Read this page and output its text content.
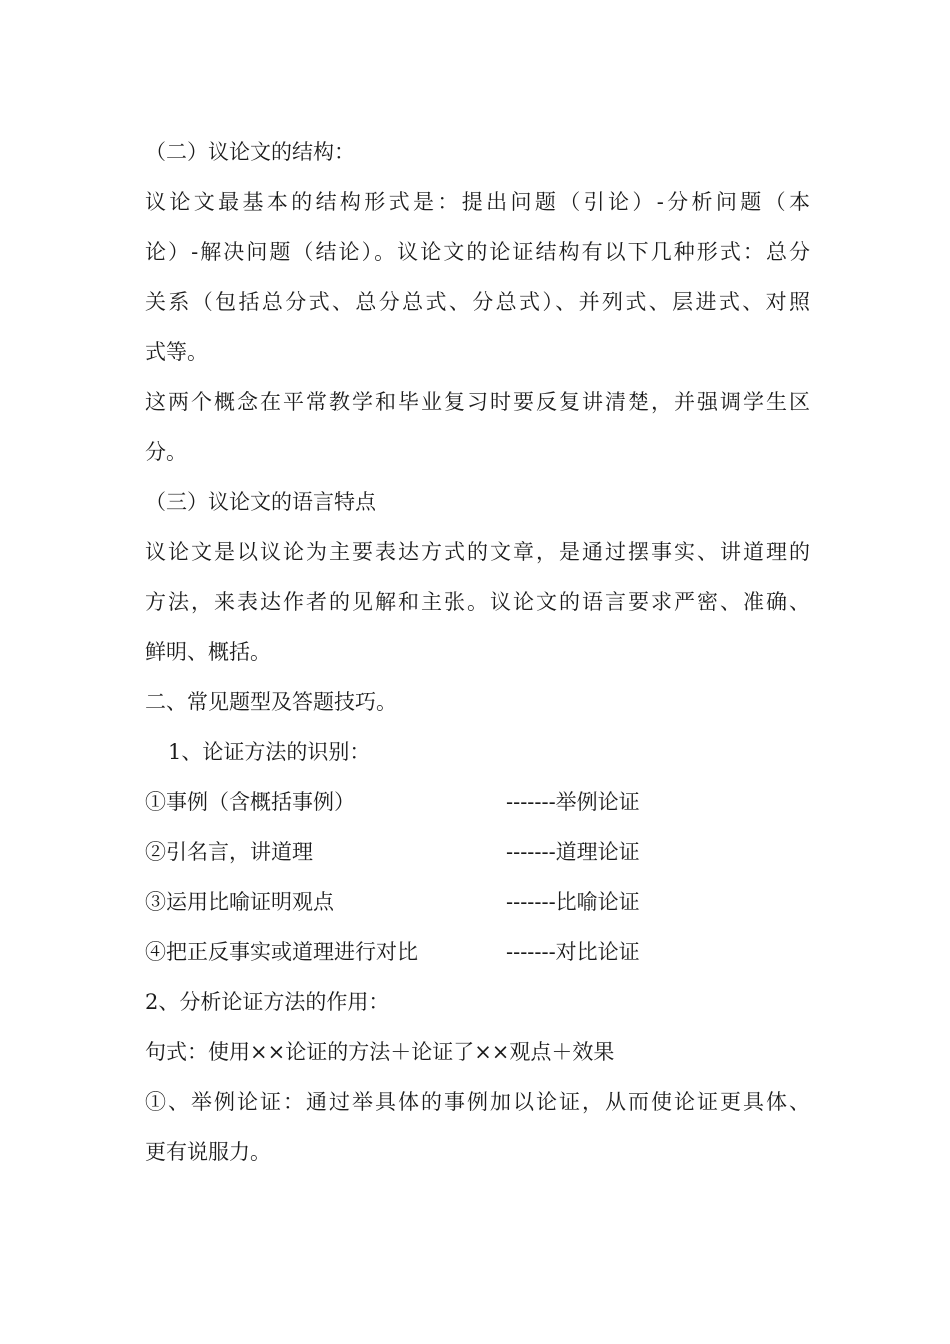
（二）议论文的结构：
议论文最基本的结构形式是：提出问题（引论）-分析问题（本
论）-解决问题（结论）。议论文的论证结构有以下几种形式：总分
关系（包括总分式、总分总式、分总式）、并列式、层进式、对照
式等。
这两个概念在平常教学和毕业复习时要反复讲清楚，并强调学生区
分。
（三）议论文的语言特点
议论文是以议论为主要表达方式的文章，是通过摆事实、讲道理的
方法，来表达作者的见解和主张。议论文的语言要求严密、准确、
鲜明、概括。
二、常见题型及答题技巧。
1、论证方法的识别：
①事例（含概括事例）	-------举例论证
②引名言，讲道理	-------道理论证
③运用比喻证明观点	-------比喻论证
④把正反事实或道理进行对比	-------对比论证
2、分析论证方法的作用：
句式：使用××论证的方法＋论证了××观点＋效果
①、举例论证：通过举具体的事例加以论证，从而使论证更具体、
更有说服力。
